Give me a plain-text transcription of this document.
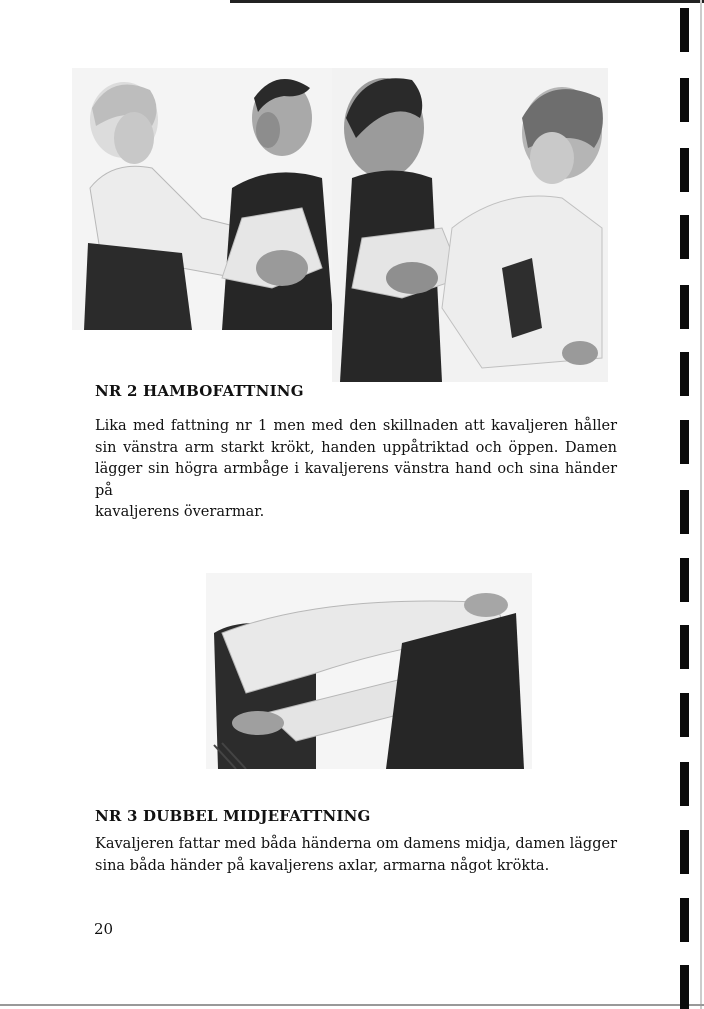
NR 2 HAMBOFATTNING
Lika med fattning nr 1 men med den skillnaden att kavaljeren håller
sin vänstra arm starkt krökt, handen uppåtriktad och öppen. Damen
lägger sin högra armbåge i kavaljerens vänstra hand och sina händer på
kavaljerens överarmar.
NR 3 DUBBEL MIDJEFATTNING
Kavaljeren fattar med båda händerna om damens midja, damen lägger
sina båda händer på kavaljerens axlar, armarna något krökta.
20
